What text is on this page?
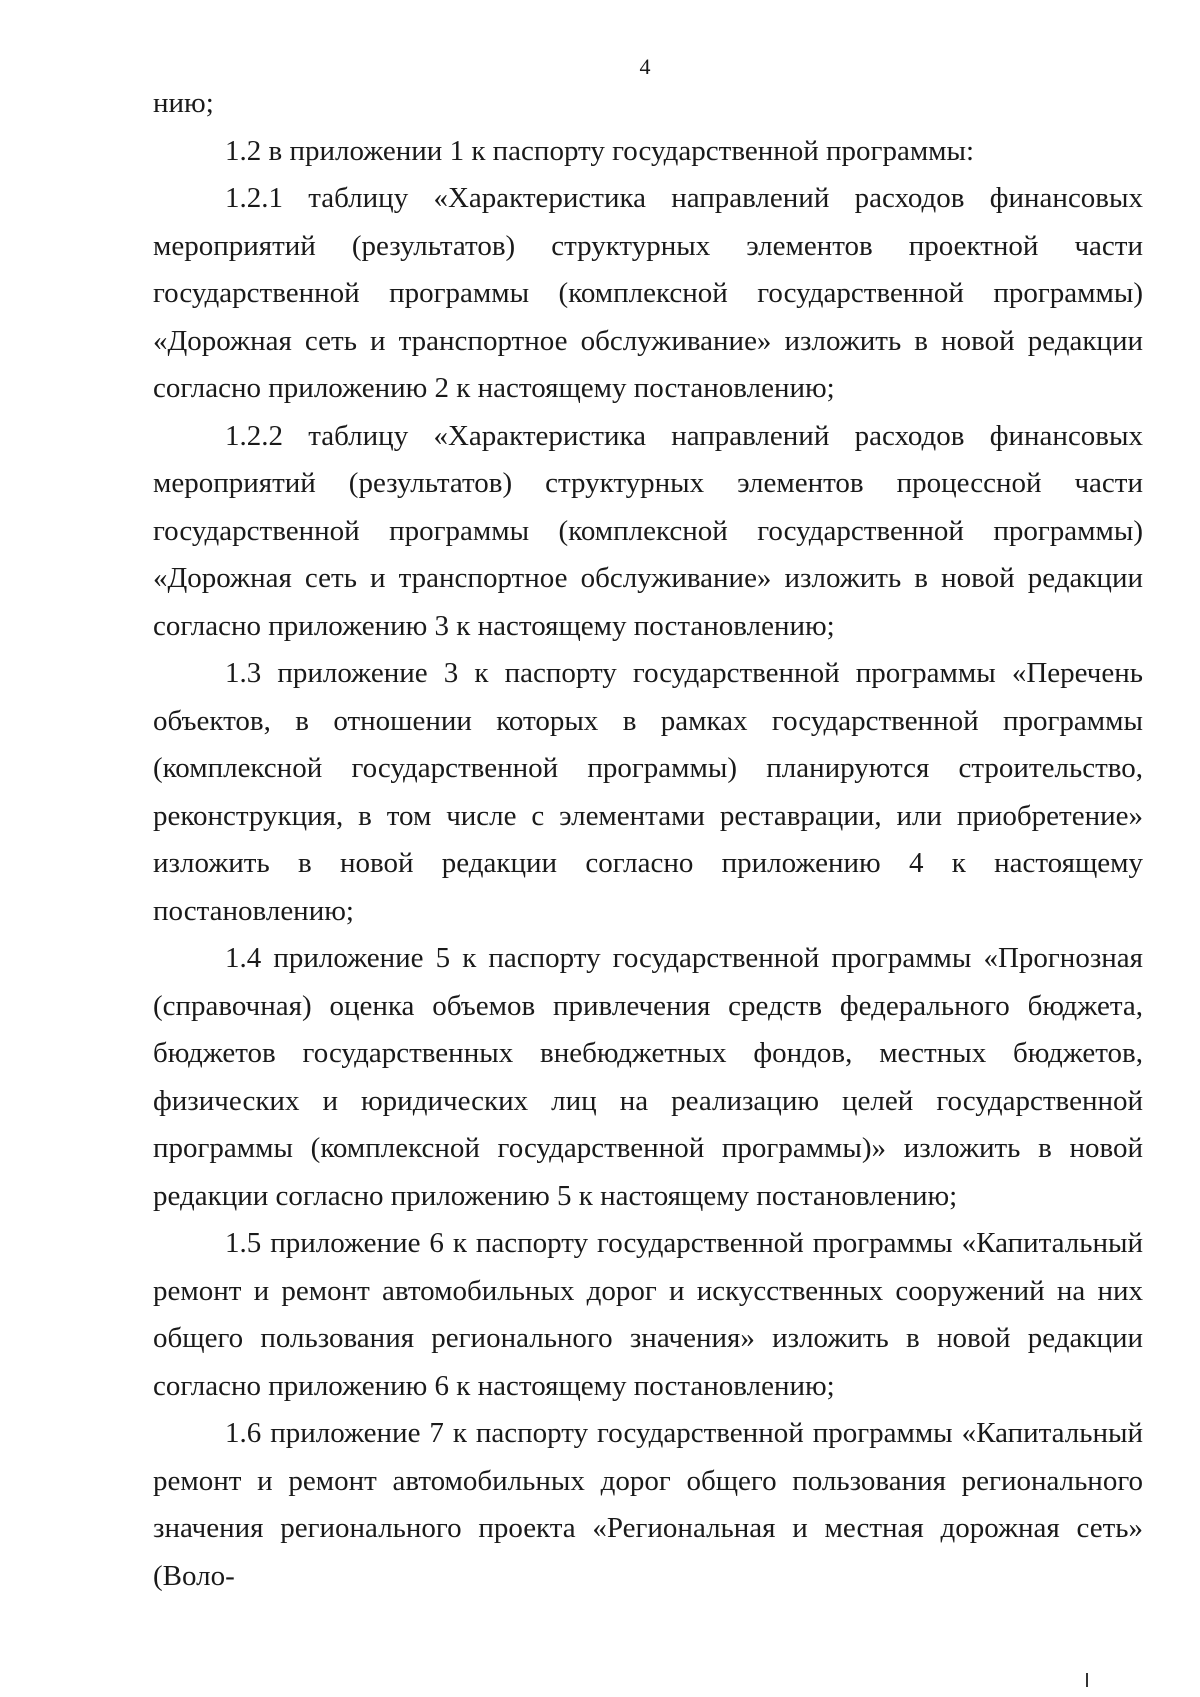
4

нию;

1.2 в приложении 1 к паспорту государственной программы:

1.2.1 таблицу «Характеристика направлений расходов финансовых мероприятий (результатов) структурных элементов проектной части государственной программы (комплексной государственной программы) «Дорожная сеть и транспортное обслуживание» изложить в новой редакции согласно приложению 2 к настоящему постановлению;

1.2.2 таблицу «Характеристика направлений расходов финансовых мероприятий (результатов) структурных элементов процессной части государственной программы (комплексной государственной программы) «Дорожная сеть и транспортное обслуживание» изложить в новой редакции согласно приложению 3 к настоящему постановлению;

1.3 приложение 3 к паспорту государственной программы «Перечень объектов, в отношении которых в рамках государственной программы (комплексной государственной программы) планируются строительство, реконструкция, в том числе с элементами реставрации, или приобретение» изложить в новой редакции согласно приложению 4 к настоящему постановлению;

1.4 приложение 5 к паспорту государственной программы «Прогнозная (справочная) оценка объемов привлечения средств федерального бюджета, бюджетов государственных внебюджетных фондов, местных бюджетов, физических и юридических лиц на реализацию целей государственной программы (комплексной государственной программы)» изложить в новой редакции согласно приложению 5 к настоящему постановлению;

1.5 приложение 6 к паспорту государственной программы «Капитальный ремонт и ремонт автомобильных дорог и искусственных сооружений на них общего пользования регионального значения» изложить в новой редакции согласно приложению 6 к настоящему постановлению;

1.6 приложение 7 к паспорту государственной программы «Капитальный ремонт и ремонт автомобильных дорог общего пользования регионального значения регионального проекта «Региональная и местная дорожная сеть» (Воло-
